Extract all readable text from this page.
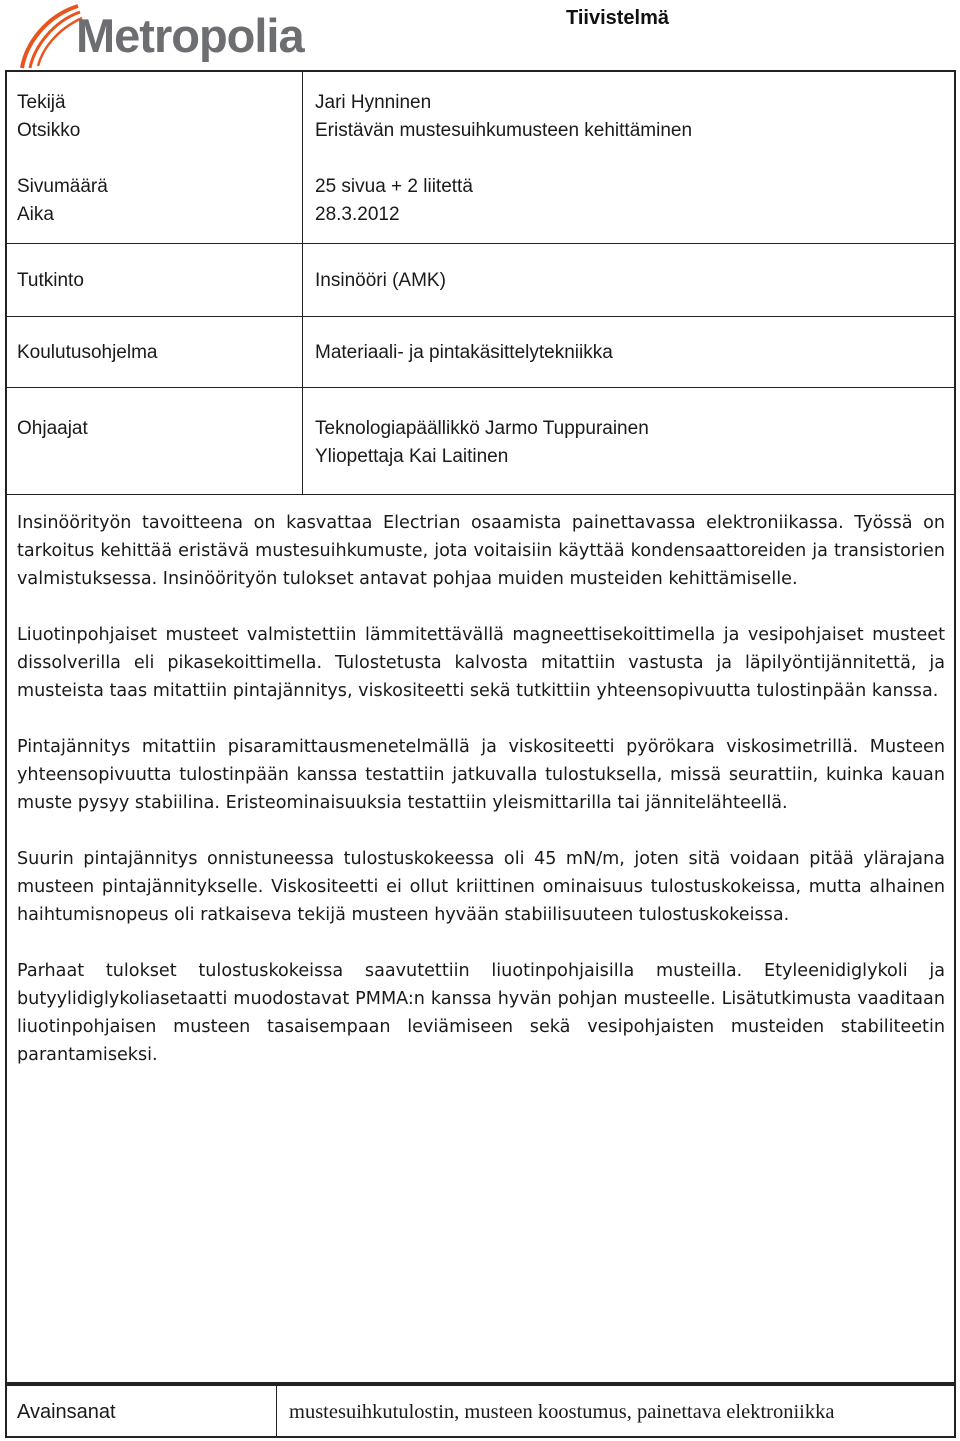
Metropolia	Tiivistelmä
Tekijä	Jari Hynninen
Otsikko	Eristävän mustesuihkumusteen kehittäminen
Sivumäärä	25 sivua + 2 liitettä
Aika	28.3.2012
Tutkinto	Insinööri (AMK)
Koulutusohjelma	Materiaali- ja pintakäsittelytekniikka
Ohjaajat	Teknologiapäällikkö Jarmo Tuppurainen
Yliopettaja Kai Laitinen

Insinöörityön tavoitteena on kasvattaa Electrian osaamista painettavassa elektroniikassa. Työssä on tarkoitus kehittää eristävä mustesuihkumuste, jota voitaisiin käyttää kondensaattoreiden ja transistorien valmistuksessa. Insinöörityön tulokset antavat pohjaa muiden musteiden kehittämiselle.

Liuotinpohjaiset musteet valmistettiin lämmitettävällä magneettisekoittimella ja vesipohjaiset musteet dissolverilla eli pikasekoittimella. Tulostetusta kalvosta mitattiin vastusta ja läpilyöntijännitettä, ja musteista taas mitattiin pintajännitys, viskositeetti sekä tutkittiin yhteensopivuutta tulostinpään kanssa.

Pintajännitys mitattiin pisaramittausmenetelmällä ja viskositeetti pyörökara viskosimetrillä. Musteen yhteensopivuutta tulostinpään kanssa testattiin jatkuvalla tulostuksella, missä seurattiin, kuinka kauan muste pysyy stabiilina. Eristeominaisuuksia testattiin yleismittarilla tai jännitelähteellä.

Suurin pintajännitys onnistuneessa tulostuskokeessa oli 45 mN/m, joten sitä voidaan pitää ylärajana musteen pintajännitykselle. Viskositeetti ei ollut kriittinen ominaisuus tulostuskokeissa, mutta alhainen haihtumisnopeus oli ratkaiseva tekijä musteen hyvään stabiilisuuteen tulostuskokeissa.

Parhaat tulokset tulostuskokeissa saavutettiin liuotinpohjaisilla musteilla. Etyleenidiglykoli ja butyylidiglykoliasetaatti muodostavat PMMA:n kanssa hyvän pohjan musteelle. Lisätutkimusta vaaditaan liuotinpohjaisen musteen tasaisempaan leviämiseen sekä vesipohjaisten musteiden stabiliteetin parantamiseksi.

Avainsanat	mustesuihkutulostin, musteen koostumus, painettava elektroniikka
